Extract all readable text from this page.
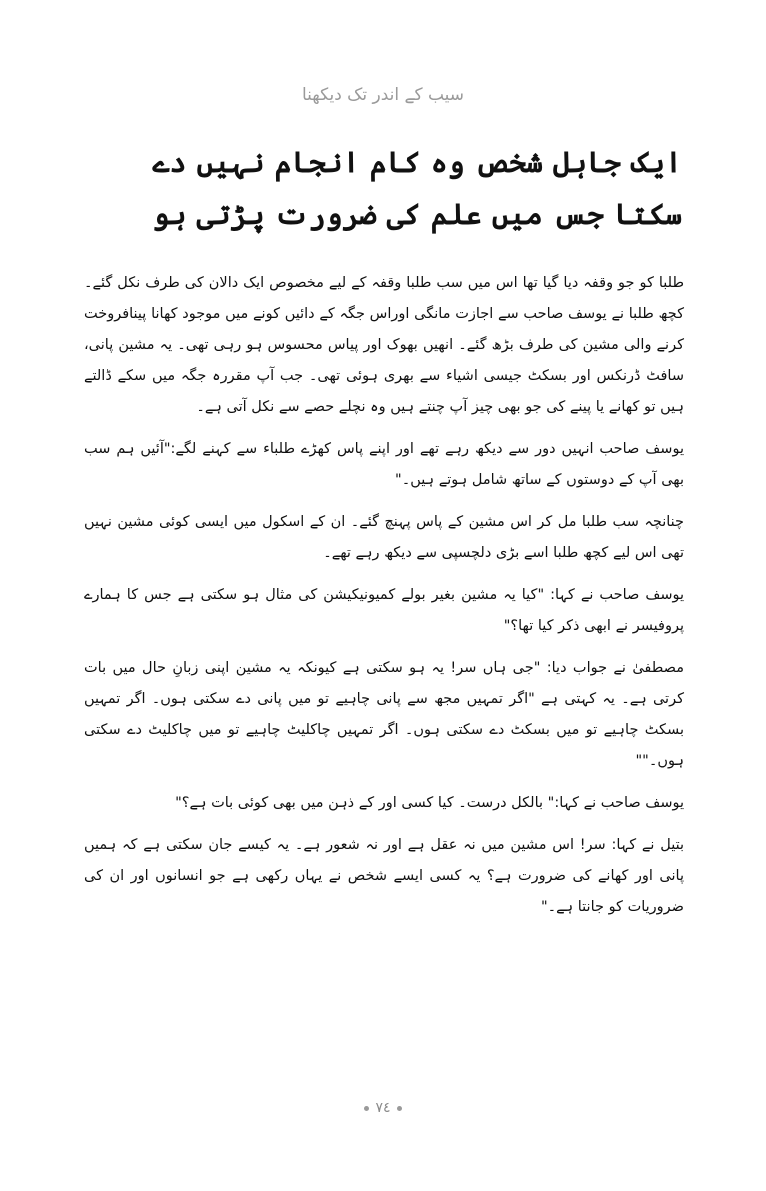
سیب کے اندر تک دیکھنا
ایک جاہل شخص وہ کام انجام نہیں دے سکتا جس میں علم کی ضرورت پڑتی ہو

طلبا کو جو وقفہ دیا گیا تھا اس میں سب طلبا وقفہ کے لیے مخصوص ایک دالان کی طرف نکل گئے۔ کچھ طلبا نے یوسف صاحب سے اجازت مانگی اوراس جگہ کے دائیں کونے میں موجود کھانا پینافروخت کرنے والی مشین کی طرف بڑھ گئے۔ انھیں بھوک اور پیاس محسوس ہو رہی تھی۔ یہ مشین پانی، سافٹ ڈرنکس اور بسکٹ جیسی اشیاء سے بھری ہوئی تھی۔ جب آپ مقررہ جگہ میں سکے ڈالتے ہیں تو کھانے یا پینے کی جو بھی چیز آپ چنتے ہیں وہ نچلے حصے سے نکل آتی ہے۔

یوسف صاحب انہیں دور سے دیکھ رہے تھے اور اپنے پاس کھڑے طلباء سے کہنے لگے:"آئیں ہم سب بھی آپ کے دوستوں کے ساتھ شامل ہوتے ہیں۔"

چنانچہ سب طلبا مل کر اس مشین کے پاس پہنچ گئے۔ ان کے اسکول میں ایسی کوئی مشین نہیں تھی اس لیے کچھ طلبا اسے بڑی دلچسپی سے دیکھ رہے تھے۔

یوسف صاحب نے کہا: "کیا یہ مشین بغیر بولے کمیونیکیشن کی مثال ہو سکتی ہے جس کا ہمارے پروفیسر نے ابھی ذکر کیا تھا؟"

مصطفیٰ نے جواب دیا: "جی ہاں سر! یہ ہو سکتی ہے کیونکہ یہ مشین اپنی زبانِ حال میں بات کرتی ہے۔ یہ کہتی ہے "اگر تمہیں مجھ سے پانی چاہیے تو میں پانی دے سکتی ہوں۔ اگر تمہیں بسکٹ چاہیے تو میں بسکٹ دے سکتی ہوں۔ اگر تمہیں چاکلیٹ چاہیے تو میں چاکلیٹ دے سکتی ہوں۔""

یوسف صاحب نے کہا:" بالکل درست۔ کیا کسی اور کے ذہن میں بھی کوئی بات ہے؟"

بتیل نے کہا: سر! اس مشین میں نہ عقل ہے اور نہ شعور ہے۔ یہ کیسے جان سکتی ہے کہ ہمیں پانی اور کھانے کی ضرورت ہے؟ یہ کسی ایسے شخص نے یہاں رکھی ہے جو انسانوں اور ان کی ضروریات کو جانتا ہے۔"

۷٤
